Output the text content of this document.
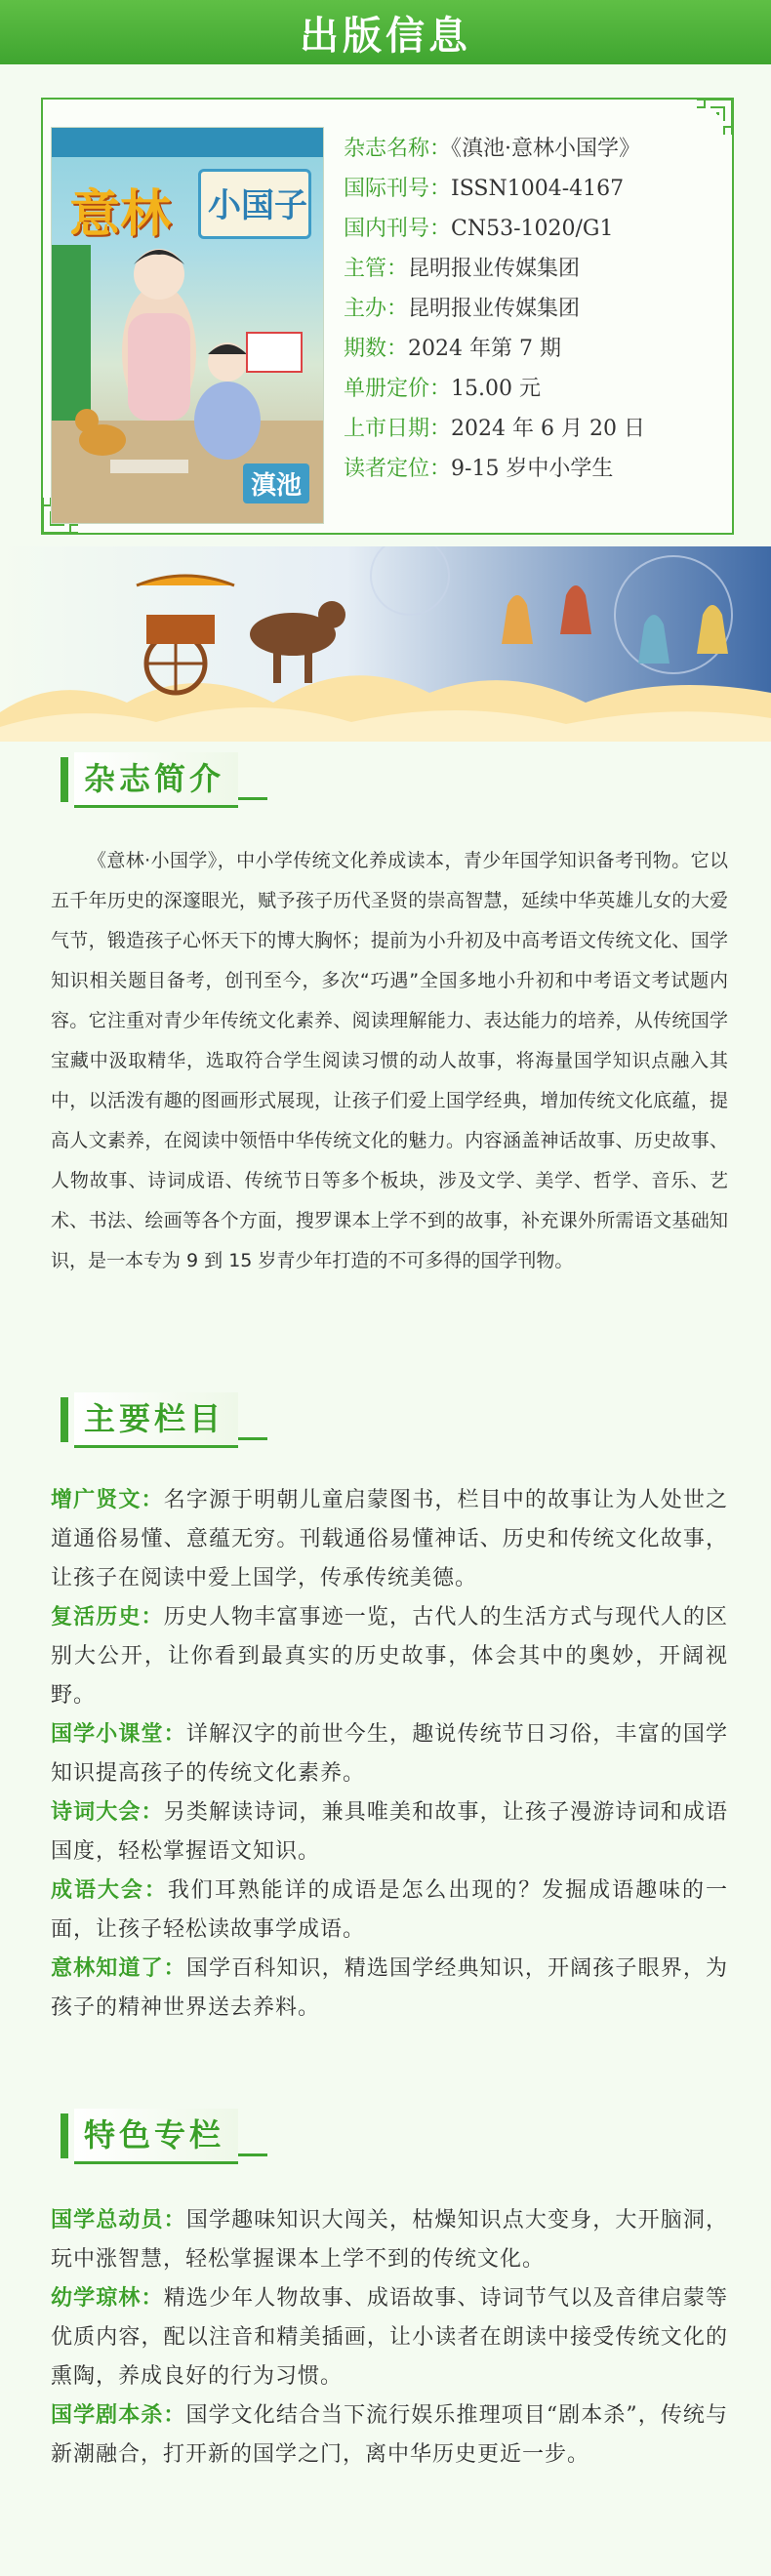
出版信息
意林 小国子
滇池
杂志名称：《滇池·意林小国学》
国际刊号：ISSN1004-4167
国内刊号：CN53-1020/G1
主管：昆明报业传媒集团
主办：昆明报业传媒集团
期数：2024 年第 7 期
单册定价：15.00 元
上市日期：2024 年 6 月 20 日
读者定位：9-15 岁中小学生
杂志简介

《意林·小国学》，中小学传统文化养成读本，青少年国学知识备考刊物。它以五千年历史的深邃眼光，赋予孩子历代圣贤的崇高智慧，延续中华英雄儿女的大爱气节，锻造孩子心怀天下的博大胸怀；提前为小升初及中高考语文传统文化、国学知识相关题目备考，创刊至今，多次“巧遇”全国多地小升初和中考语文考试题内容。它注重对青少年传统文化素养、阅读理解能力、表达能力的培养，从传统国学宝藏中汲取精华，选取符合学生阅读习惯的动人故事，将海量国学知识点融入其中，以活泼有趣的图画形式展现，让孩子们爱上国学经典，增加传统文化底蕴，提高人文素养，在阅读中领悟中华传统文化的魅力。内容涵盖神话故事、历史故事、人物故事、诗词成语、传统节日等多个板块，涉及文学、美学、哲学、音乐、艺术、书法、绘画等各个方面，搜罗课本上学不到的故事，补充课外所需语文基础知识，是一本专为 9 到 15 岁青少年打造的不可多得的国学刊物。

主要栏目

增广贤文：名字源于明朝儿童启蒙图书，栏目中的故事让为人处世之道通俗易懂、意蕴无穷。刊载通俗易懂神话、历史和传统文化故事，让孩子在阅读中爱上国学，传承传统美德。

复活历史：历史人物丰富事迹一览，古代人的生活方式与现代人的区别大公开，让你看到最真实的历史故事，体会其中的奥妙，开阔视野。

国学小课堂：详解汉字的前世今生，趣说传统节日习俗，丰富的国学知识提高孩子的传统文化素养。

诗词大会：另类解读诗词，兼具唯美和故事，让孩子漫游诗词和成语国度，轻松掌握语文知识。

成语大会：我们耳熟能详的成语是怎么出现的？发掘成语趣味的一面，让孩子轻松读故事学成语。

意林知道了：国学百科知识，精选国学经典知识，开阔孩子眼界，为孩子的精神世界送去养料。

特色专栏

国学总动员：国学趣味知识大闯关，枯燥知识点大变身，大开脑洞，玩中涨智慧，轻松掌握课本上学不到的传统文化。

幼学琼林：精选少年人物故事、成语故事、诗词节气以及音律启蒙等优质内容，配以注音和精美插画，让小读者在朗读中接受传统文化的熏陶，养成良好的行为习惯。

国学剧本杀：国学文化结合当下流行娱乐推理项目“剧本杀”，传统与新潮融合，打开新的国学之门，离中华历史更近一步。
